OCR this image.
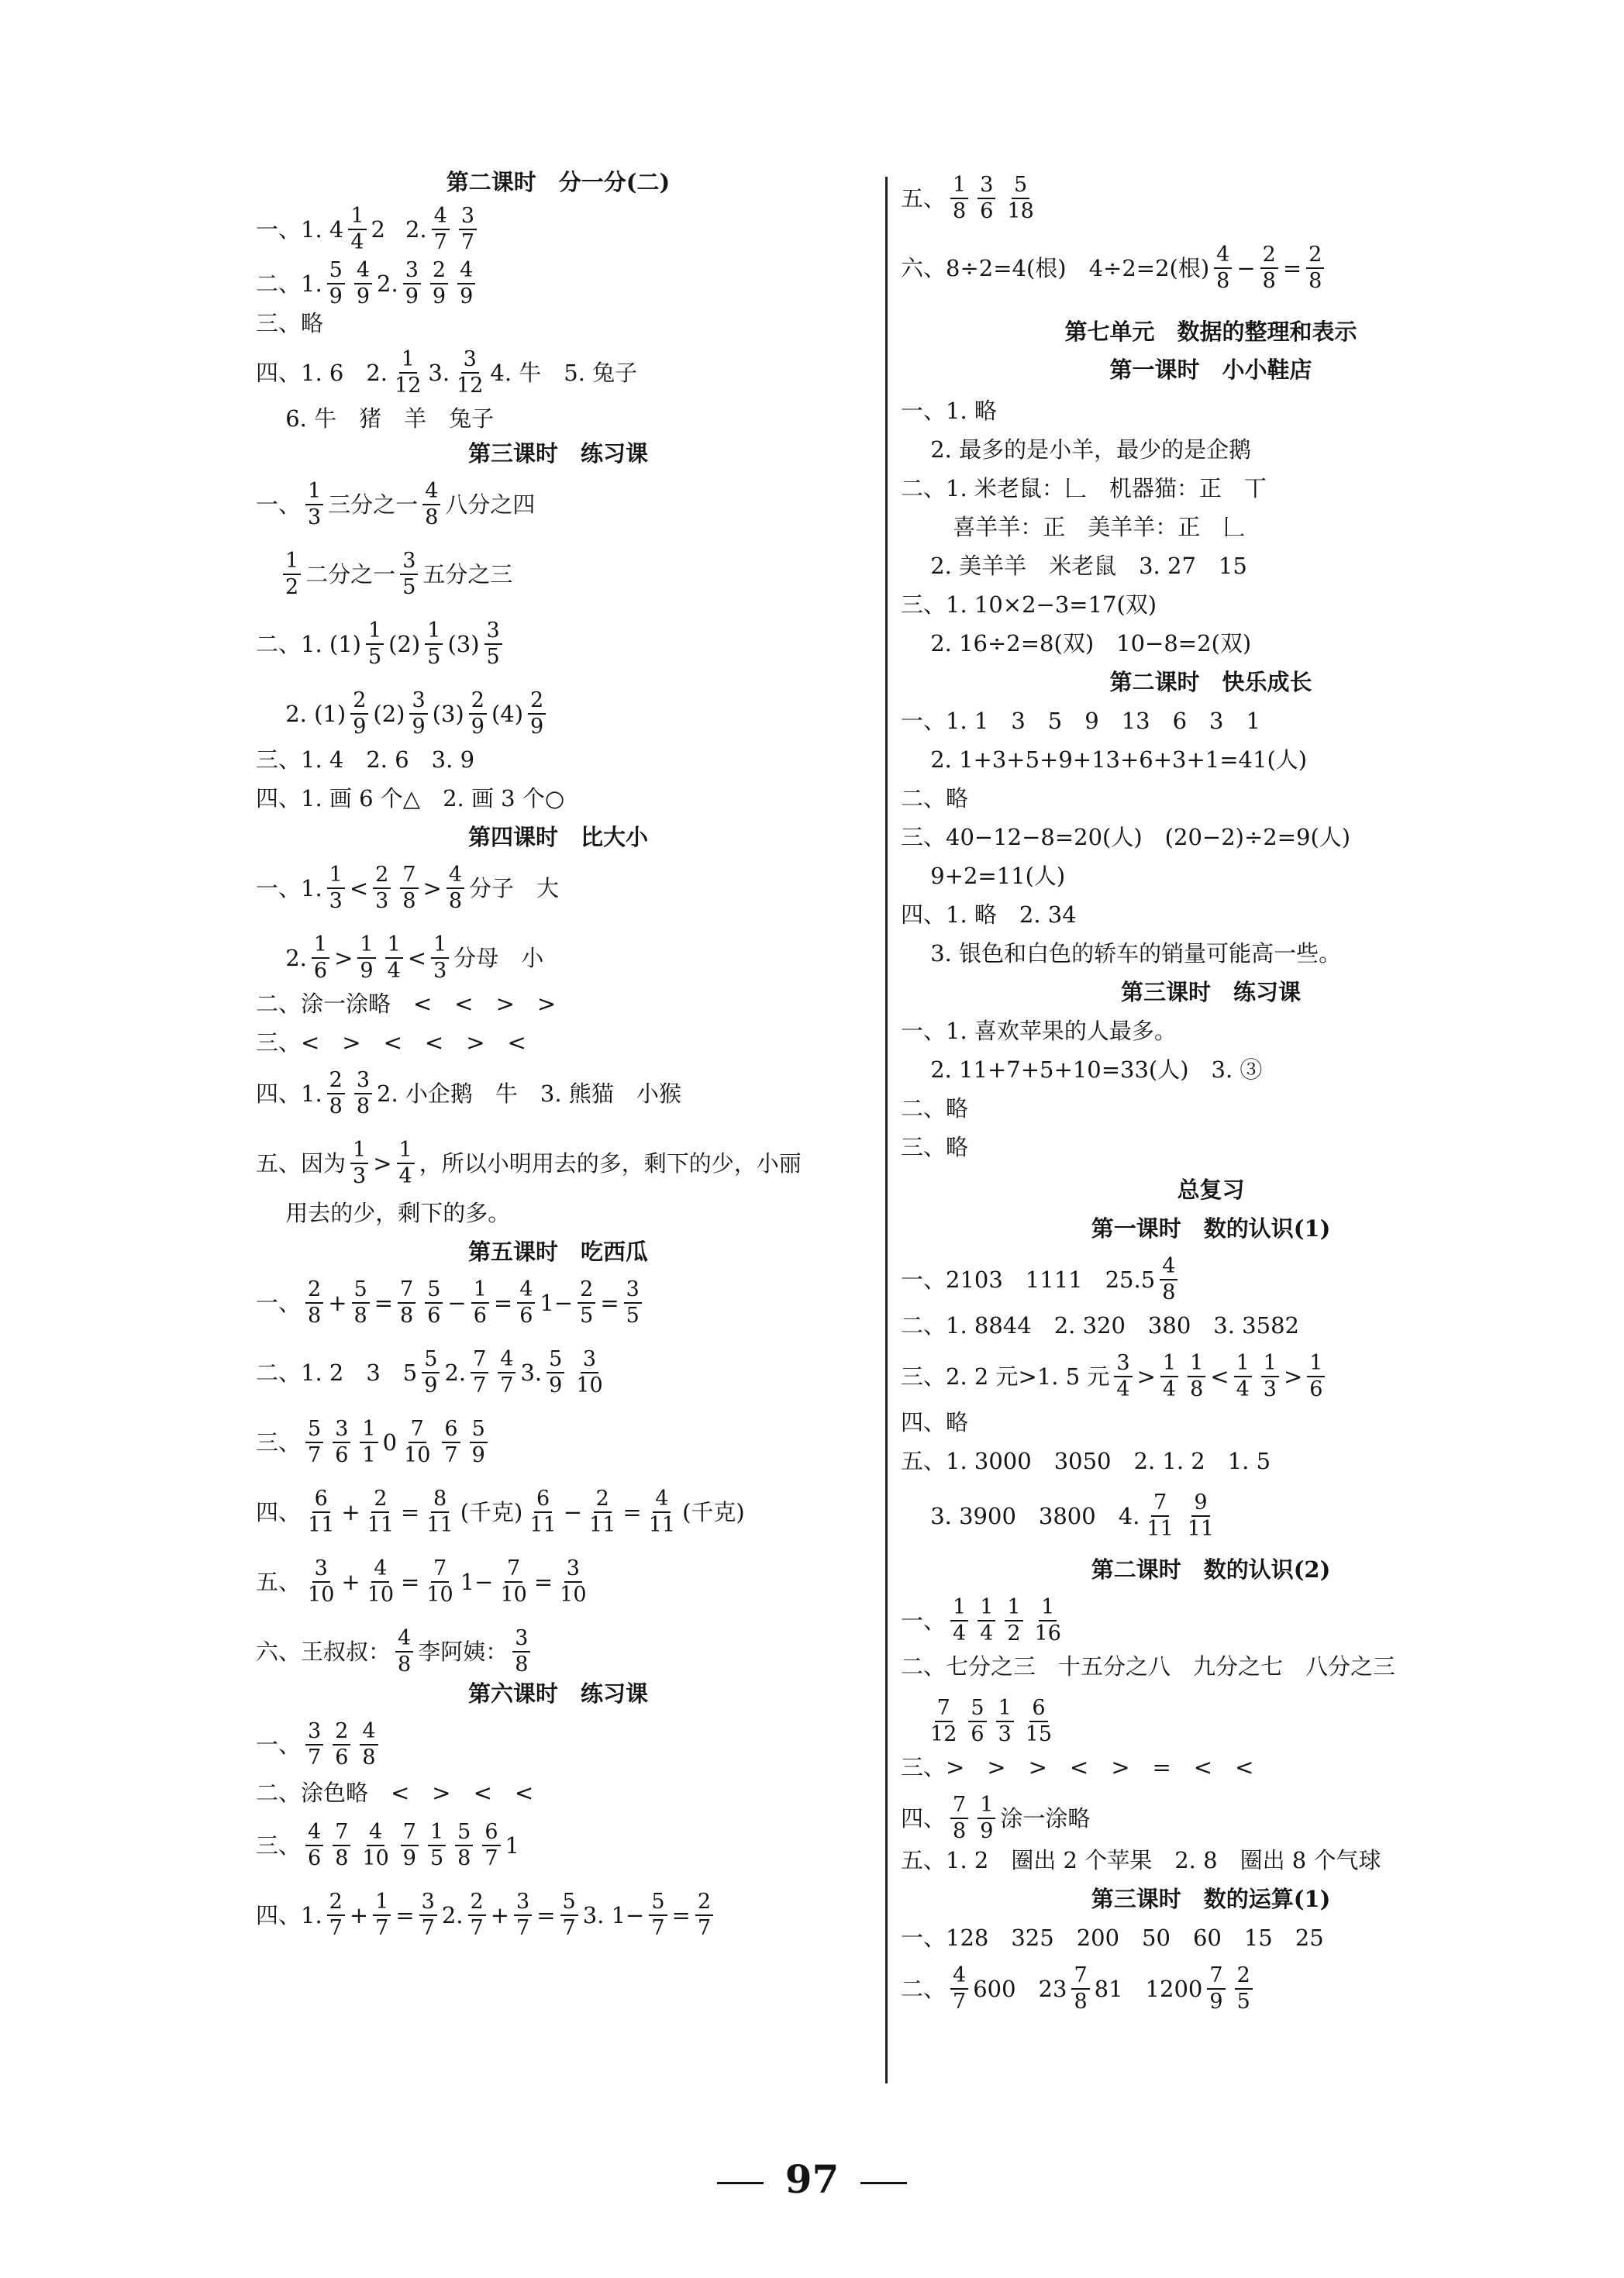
第二课时　分一分(二)
一、1. $4 \frac{1}{4} 2$ 2. $\frac{4}{7} \frac{3}{7}$
二、1. $\frac{5}{9} \frac{4}{9} 2$. $\frac{3}{9} \frac{2}{9} \frac{4}{9}$
三、略
四、1. 6　2. $\frac{1}{12} 3$. $\frac{3}{12} 4$. 牛　5. 兔子
　 6. 牛　猪　羊　兔子
第三课时　练习课
一、 $\frac{1}{3}$ 三分之一 $\frac{4}{8}$ 八分之四

$\frac{1}{2}$ 二分之一 $\frac{3}{5}$ 五分之三
二、1. $(1) \frac{1}{5} (2) \frac{1}{5} (3) \frac{3}{5}$
　 2. $(1) \frac{2}{9} (2) \frac{3}{9} (3) \frac{2}{9} (4) \frac{2}{9}$
三、1. 4　2. 6　3. 9
四、1. 画 6 个△　2. 画 3 个○
第四课时　比大小
一、1. $\frac{1}{3} < \frac{2}{3} \frac{7}{8} > \frac{4}{8}$ 分子　大
　 2. $\frac{1}{6} > \frac{1}{9} \frac{1}{4} < \frac{1}{3}$ 分母　小
二、涂一涂略　<　<　>　>
三、<　>　<　<　>　<
四、1. $\frac{2}{8} \frac{3}{8} 2$. 小企鹅　牛　3. 熊猫　小猴
五、因为 $\frac{1}{3} > \frac{1}{4}$ ，所以小明用去的多，剩下的少，小丽
　 用去的少，剩下的多。
第五课时　吃西瓜
一、 $\frac{2}{8} + \frac{5}{8} = \frac{7}{8} \frac{5}{6} - \frac{1}{6} = \frac{4}{6} 1- \frac{2}{5} = \frac{3}{5}$
二、1. 2　3　$5 \frac{5}{9} 2$. $\frac{7}{7} \frac{4}{7} 3$. $\frac{5}{9} \frac{3}{10}$
三、 $\frac{5}{7} \frac{3}{6} \frac{1}{1} 0 \frac{7}{10} \frac{6}{7} \frac{5}{9}$
四、 $\frac{6}{11} + \frac{2}{11} = \frac{8}{11}$ (千克) $\frac{6}{11} - \frac{2}{11} = \frac{4}{11}$ (千克)
五、 $\frac{3}{10} + \frac{4}{10} = \frac{7}{10} 1- \frac{7}{10} = \frac{3}{10}$
六、王叔叔： $\frac{4}{8}$ 李阿姨： $\frac{3}{8}$
第六课时　练习课
一、 $\frac{3}{7} \frac{2}{6} \frac{4}{8}$
二、涂色略　<　>　<　<
三、 $\frac{4}{6} \frac{7}{8} \frac{4}{10} \frac{7}{9} \frac{1}{5} \frac{5}{8} \frac{6}{7} 1$
四、1. $\frac{2}{7} + \frac{1}{7} = \frac{3}{7} 2$. $\frac{2}{7} + \frac{3}{7} = \frac{5}{7} 3$. $1- \frac{5}{7} = \frac{2}{7}$
五、 $\frac{1}{8} \frac{3}{6} \frac{5}{18}$
六、8÷2=4(根)　4÷2=2(根) $\frac{4}{8} - \frac{2}{8} = \frac{2}{8}$
第七单元　数据的整理和表示
第一课时　小小鞋店
一、1. 略
　 2. 最多的是小羊，最少的是企鹅
二、1. 米老鼠：𠃊　机器猫：正　丅
　　 喜羊羊：正　美羊羊：正　𠃊
　 2. 美羊羊　米老鼠　3. 27　15
三、1. 10×2−3=17(双)
　 2. 16÷2=8(双)　10−8=2(双)
第二课时　快乐成长
一、1. 1　3　5　9　13　6　3　1
　 2. 1+3+5+9+13+6+3+1=41(人)
二、略
三、40−12−8=20(人)　(20−2)÷2=9(人)
　 9+2=11(人)
四、1. 略　2. 34
　 3. 银色和白色的轿车的销量可能高一些。
第三课时　练习课
一、1. 喜欢苹果的人最多。
　 2. 11+7+5+10=33(人)　3. ③
二、略
三、略
总复习
第一课时　数的认识(1)
一、2103　1111　$25.5 \frac{4}{8}$
二、1. 8844　2. 320　380　3. 3582
三、2. 2 元>1. 5 元 $\frac{3}{4} > \frac{1}{4} \frac{1}{8} < \frac{1}{4} \frac{1}{3} > \frac{1}{6}$
四、略
五、1. 3000　3050　2. 1. 2　1. 5
　 3. 3900　3800　4. $\frac{7}{11} \frac{9}{11}$
第二课时　数的认识(2)
一、 $\frac{1}{4} \frac{1}{4} \frac{1}{2} \frac{1}{16}$
二、七分之三　十五分之八　九分之七　八分之三

$\frac{7}{12} \frac{5}{6} \frac{1}{3} \frac{6}{15}$
三、>　>　>　<　>　=　<　<
四、 $\frac{7}{8} \frac{1}{9}$ 涂一涂略
五、1. 2　圈出 2 个苹果　2. 8　圈出 8 个气球
第三课时　数的运算(1)
一、128　325　200　50　60　15　25
二、 $\frac{4}{7} 600$　$23 \frac{7}{8} 81$　$1200 \frac{7}{9} \frac{2}{5}$
97
